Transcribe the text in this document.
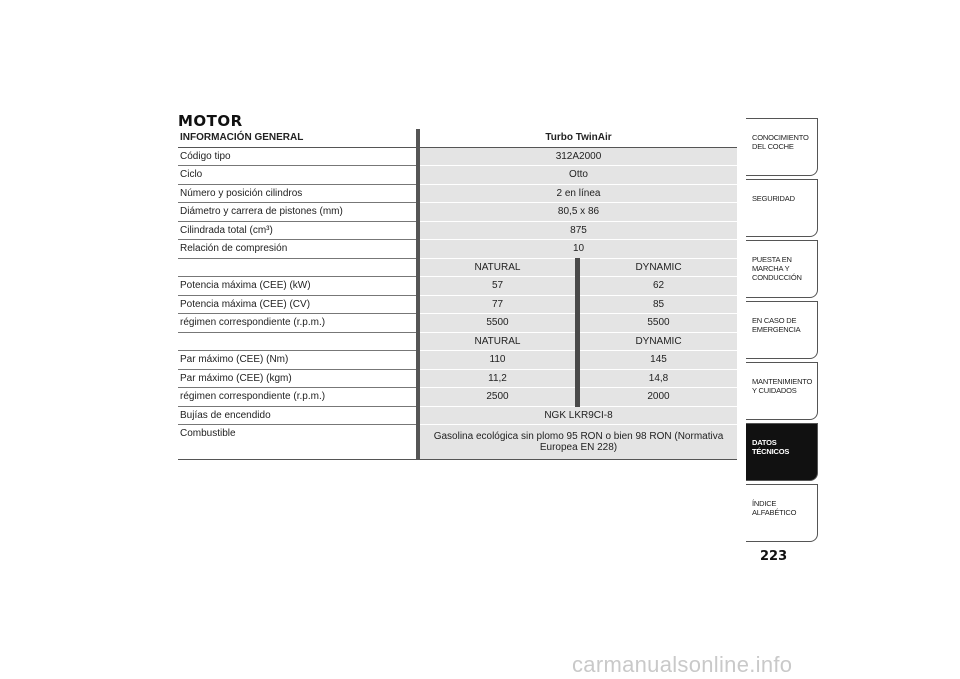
MOTOR
INFORMACIÓN GENERAL	Turbo TwinAir	
Código tipo	312A2000	
Ciclo	Otto	
Número y posición cilindros	2 en línea	
Diámetro y carrera de pistones (mm)	80,5 x 86	
Cilindrada total (cm³)	875	
Relación de compresión	10	
	NATURAL	DYNAMIC
Potencia máxima (CEE) (kW)	57	62
Potencia máxima (CEE) (CV)	77	85
régimen correspondiente (r.p.m.)	5500	5500
	NATURAL	DYNAMIC
Par máximo (CEE) (Nm)	110	145
Par máximo (CEE) (kgm)	11,2	14,8
régimen correspondiente (r.p.m.)	2500	2000
Bujías de encendido	NGK LKR9CI-8	
Combustible	Gasolina ecológica sin plomo 95 RON o bien 98 RON (Normativa Europea EN 228)	
CONOCIMIENTO DEL COCHE
SEGURIDAD
PUESTA EN MARCHA Y CONDUCCIÓN
EN CASO DE EMERGENCIA
MANTENIMIENTO Y CUIDADOS
DATOS TÉCNICOS
ÍNDICE ALFABÉTICO
223
carmanualsonline.info
